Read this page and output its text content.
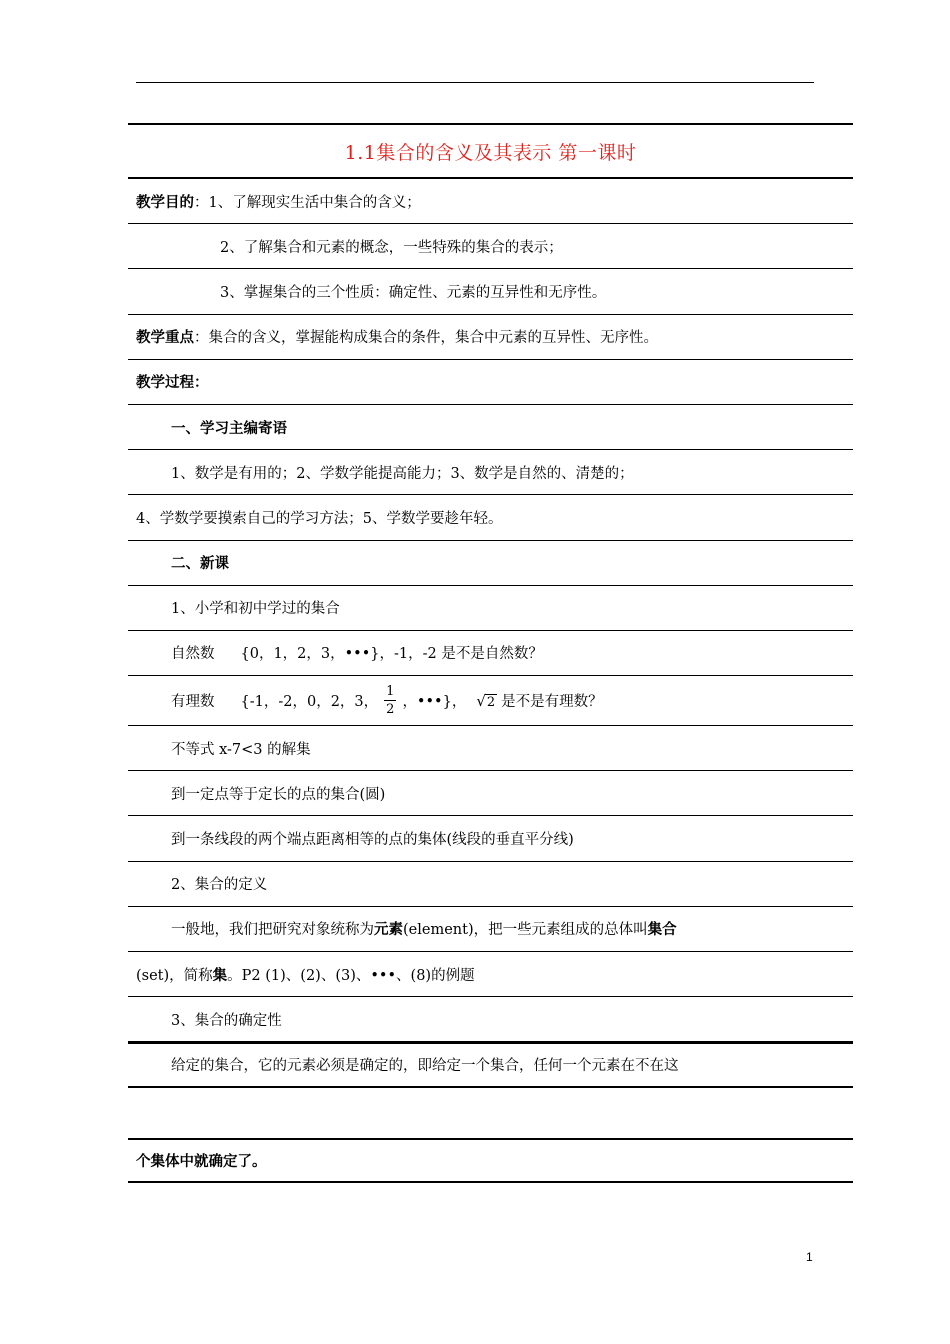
1.1集合的含义及其表示 第一课时
教学目的 ： 1、了解现实生活中集合的含义；
2、了解集合和元素的概念，一些特殊的集合的表示；
3、掌握集合的三个性质：确定性、元素的互异性和无序性。
教学重点 ： 集合的含义，掌握能构成集合的条件，集合中元素的互异性、无序性。
教学过程：
一、学习主编寄语
1、数学是有用的；2、学数学能提高能力；3、数学是自然的、清楚的；
4、学数学要摸索自己的学习方法；5、学数学要趁年轻。
二、新课
1、小学和初中学过的集合
自然数 {0，1，2，3，•••}，-1，-2 是不是自然数？
有理数 {-1，-2，0，2，3， $\frac{1}{2}$ ，•••}， √ 2 是不是有理数？
不等式 x-7<3 的解集
到一定点等于定长的点的集合(圆)
到一条线段的两个端点距离相等的点的集体(线段的垂直平分线)
2、集合的定义
一般地，我们把研究对象统称为 元素 (element)，把一些元素组成的总体叫 集合
(set)，简称 集 。P2 (1)、(2)、(3)、•••、(8)的例题
3、集合的确定性
给定的集合，它的元素必须是确定的，即给定一个集合，任何一个元素在不在这
个集体中就确定了。
1
